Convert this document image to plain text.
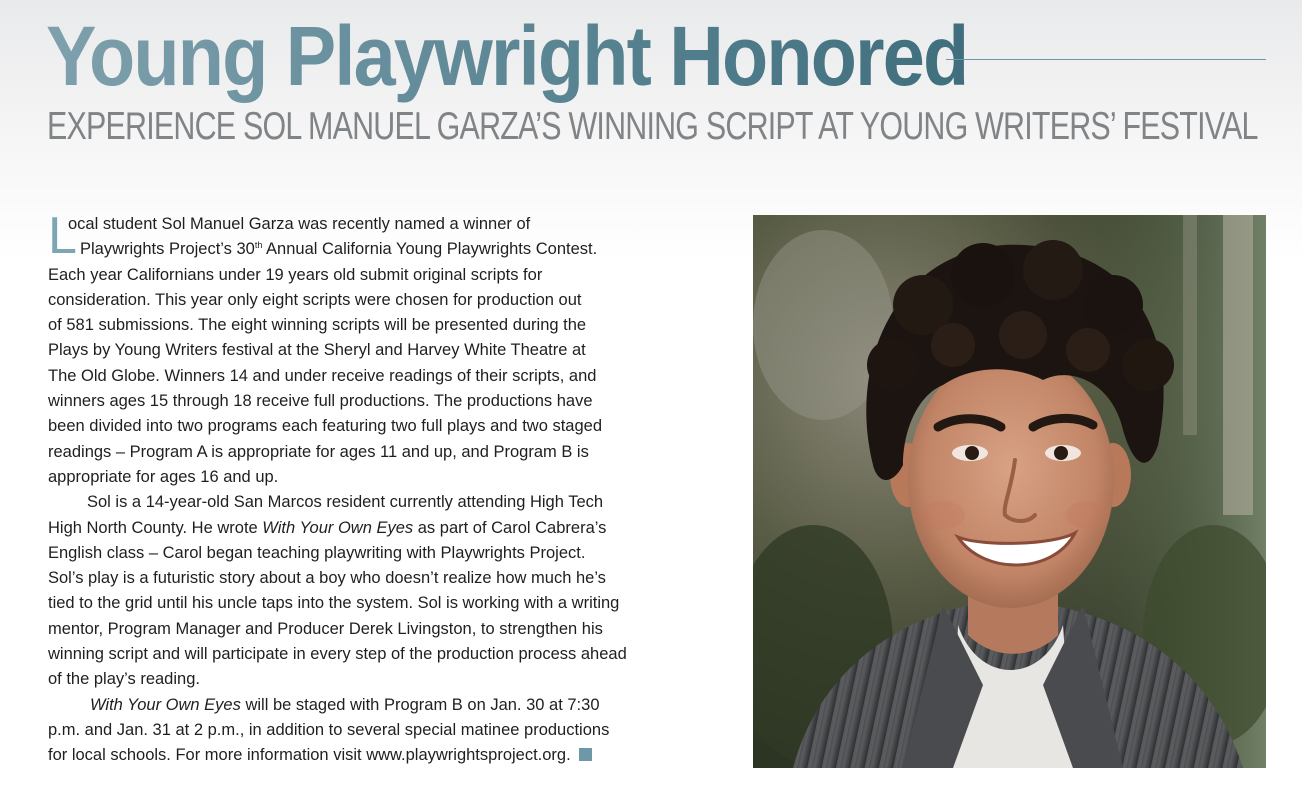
Young Playwright Honored
EXPERIENCE SOL MANUEL GARZA’S WINNING SCRIPT AT YOUNG WRITERS’ FESTIVAL
L
ocal student Sol Manuel Garza was recently named a winner of
Playwrights Project’s 30th Annual California Young Playwrights Contest.
Each year Californians under 19 years old submit original scripts for
consideration. This year only eight scripts were chosen for production out
of 581 submissions. The eight winning scripts will be presented during the
Plays by Young Writers festival at the Sheryl and Harvey White Theatre at
The Old Globe. Winners 14 and under receive readings of their scripts, and
winners ages 15 through 18 receive full productions. The productions have
been divided into two programs each featuring two full plays and two staged
readings – Program A is appropriate for ages 11 and up, and Program B is
appropriate for ages 16 and up.
Sol is a 14-year-old San Marcos resident currently attending High Tech
High North County. He wrote With Your Own Eyes as part of Carol Cabrera’s
English class – Carol began teaching playwriting with Playwrights Project.
Sol’s play is a futuristic story about a boy who doesn’t realize how much he’s
tied to the grid until his uncle taps into the system. Sol is working with a writing
mentor, Program Manager and Producer Derek Livingston, to strengthen his
winning script and will participate in every step of the production process ahead
of the play’s reading.
With Your Own Eyes will be staged with Program B on Jan. 30 at 7:30
p.m. and Jan. 31 at 2 p.m., in addition to several special matinee productions
for local schools. For more information visit www.playwrightsproject.org.
